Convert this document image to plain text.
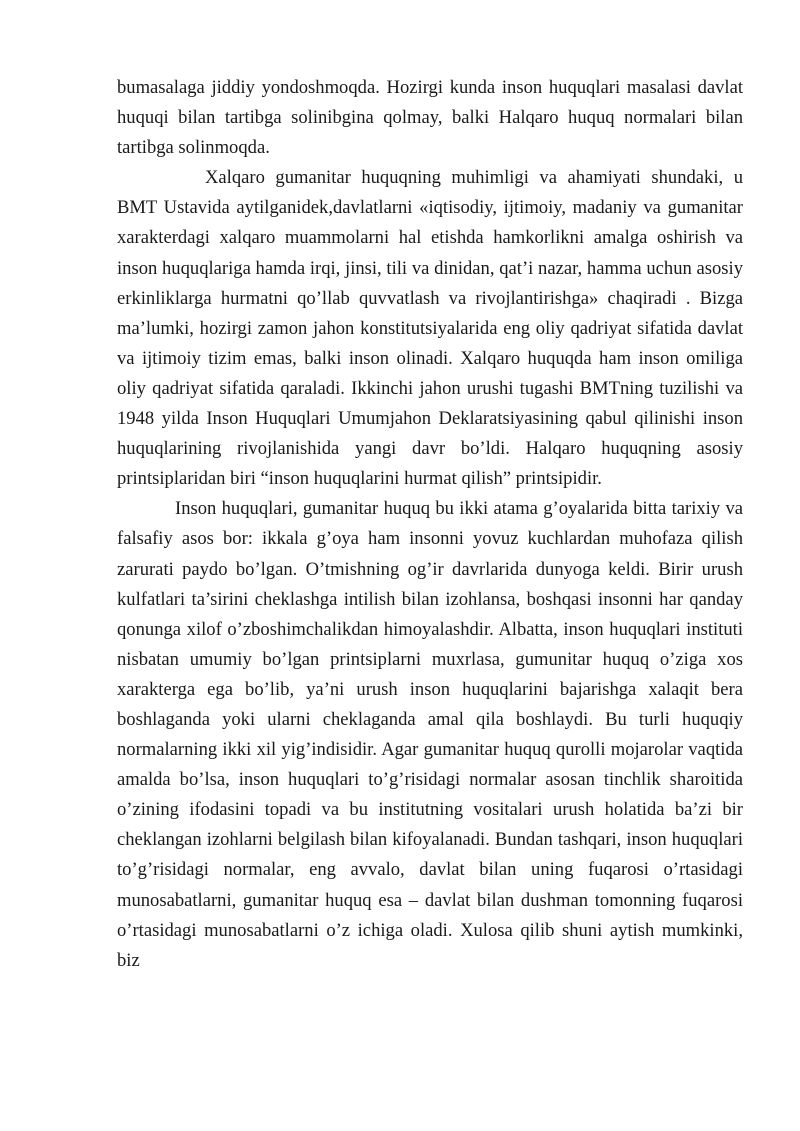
bumasalaga jiddiy yondoshmoqda. Hozirgi kunda inson huquqlari masalasi davlat huquqi bilan tartibga solinibgina qolmay, balki Halqaro huquq normalari bilan tartibga solinmoqda.

Xalqaro gumanitar huquqning muhimligi va ahamiyati shundaki, u BMT Ustavida aytilganidek,davlatlarni «iqtisodiy, ijtimoiy, madaniy va gumanitar xarakterdagi xalqaro muammolarni hal etishda hamkorlikni amalga oshirish va inson huquqlariga hamda irqi, jinsi, tili va dinidan, qat’i nazar, hamma uchun asosiy erkinliklarga hurmatni qo’llab quvvatlash va rivojlantirishga» chaqiradi . Bizga ma’lumki, hozirgi zamon jahon konstitutsiyalarida eng oliy qadriyat sifatida davlat va ijtimoiy tizim emas, balki inson olinadi. Xalqaro huquqda ham inson omiliga oliy qadriyat sifatida qaraladi. Ikkinchi jahon urushi tugashi BMTning tuzilishi va 1948 yilda Inson Huquqlari Umumjahon Deklaratsiyasining qabul qilinishi inson huquqlarining rivojlanishida yangi davr bo’ldi. Halqaro huquqning asosiy printsiplaridan biri “inson huquqlarini hurmat qilish” printsipidir.

Inson huquqlari, gumanitar huquq bu ikki atama g’oyalarida bitta tarixiy va falsafiy asos bor: ikkala g’oya ham insonni yovuz kuchlardan muhofaza qilish zarurati paydo bo’lgan. O’tmishning og’ir davrlarida dunyoga keldi. Birir urush kulfatlari ta’sirini cheklashga intilish bilan izohlansa, boshqasi insonni har qanday qonunga xilof o’zboshimchalikdan himoyalashdir. Albatta, inson huquqlari instituti nisbatan umumiy bo’lgan printsiplarni muxrlasa, gumunitar huquq o’ziga xos xarakterga ega bo’lib, ya’ni urush inson huquqlarini bajarishga xalaqit bera boshlaganda yoki ularni cheklaganda amal qila boshlaydi. Bu turli huquqiy normalarning ikki xil yig’indisidir. Agar gumanitar huquq qurolli mojarolar vaqtida amalda bo’lsa, inson huquqlari to’g’risidagi normalar asosan tinchlik sharoitida o’zining ifodasini topadi va bu institutning vositalari urush holatida ba’zi bir cheklangan izohlarni belgilash bilan kifoyalanadi. Bundan tashqari, inson huquqlari to’g’risidagi normalar, eng avvalo, davlat bilan uning fuqarosi o’rtasidagi munosabatlarni, gumanitar huquq esa – davlat bilan dushman tomonning fuqarosi o’rtasidagi munosabatlarni o’z ichiga oladi. Xulosa qilib shuni aytish mumkinki, biz
